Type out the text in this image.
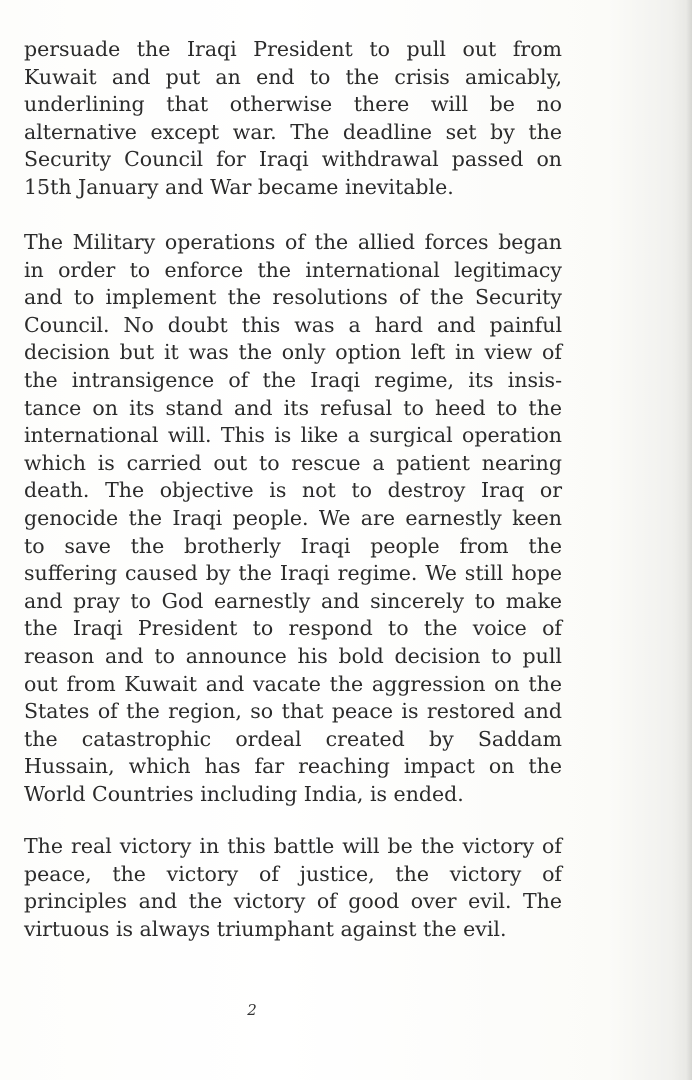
persuade the Iraqi President to pull out from
Kuwait and put an end to the crisis amicably,
underlining that otherwise there will be no
alternative except war. The deadline set by the
Security Council for Iraqi withdrawal passed on
15th January and War became inevitable.
The Military operations of the allied forces began
in order to enforce the international legitimacy
and to implement the resolutions of the Security
Council. No doubt this was a hard and painful
decision but it was the only option left in view of
the intransigence of the Iraqi regime, its insis-
tance on its stand and its refusal to heed to the
international will. This is like a surgical operation
which is carried out to rescue a patient nearing
death. The objective is not to destroy Iraq or
genocide the Iraqi people. We are earnestly keen
to save the brotherly Iraqi people from the
suffering caused by the Iraqi regime. We still hope
and pray to God earnestly and sincerely to make
the Iraqi President to respond to the voice of
reason and to announce his bold decision to pull
out from Kuwait and vacate the aggression on the
States of the region, so that peace is restored and
the catastrophic ordeal created by Saddam
Hussain, which has far reaching impact on the
World Countries including India, is ended.
The real victory in this battle will be the victory of
peace, the victory of justice, the victory of
principles and the victory of good over evil. The
virtuous is always triumphant against the evil.
2
